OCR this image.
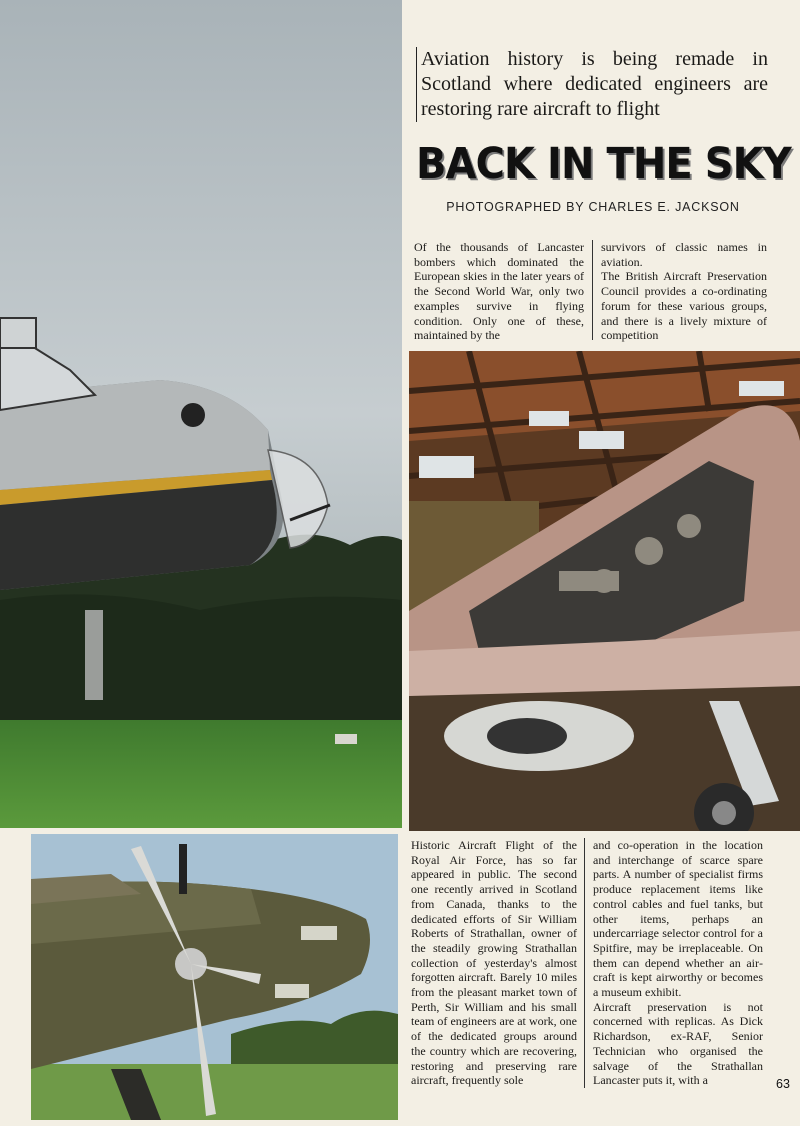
Aviation history is being remade in Scotland where dedicated engineers are restoring rare aircraft to flight
BACK IN THE SKY
PHOTOGRAPHED BY CHARLES E. JACKSON

Of the thousands of Lancaster bombers which dominated the European skies in the later years of the Second World War, only two examples survive in flying condition. Only one of these, maintained by the

survivors of classic names in aviation.

The British Aircraft Preservation Council provides a co-ordinating forum for these various groups, and there is a lively mixture of competition

Historic Aircraft Flight of the Royal Air Force, has so far appeared in public. The second one recently arrived in Scotland from Canada, thanks to the dedicated efforts of Sir William Roberts of Strathallan, owner of the steadily growing Strathallan collection of yesterday's almost forgotten aircraft. Barely 10 miles from the pleasant market town of Perth, Sir William and his small team of engineers are at work, one of the dedicated groups around the country which are recovering, restoring and preserving rare aircraft, frequently sole

and co-operation in the location and interchange of scarce spare parts. A number of specialist firms produce replacement items like control cables and fuel tanks, but other items, perhaps an undercarriage selector control for a Spitfire, may be irreplaceable. On them can depend whether an aircraft is kept airworthy or becomes a museum exhibit.

Aircraft preservation is not concerned with replicas. As Dick Richardson, ex-RAF, Senior Technician who organised the salvage of the Strathallan Lancaster puts it, with a	63
